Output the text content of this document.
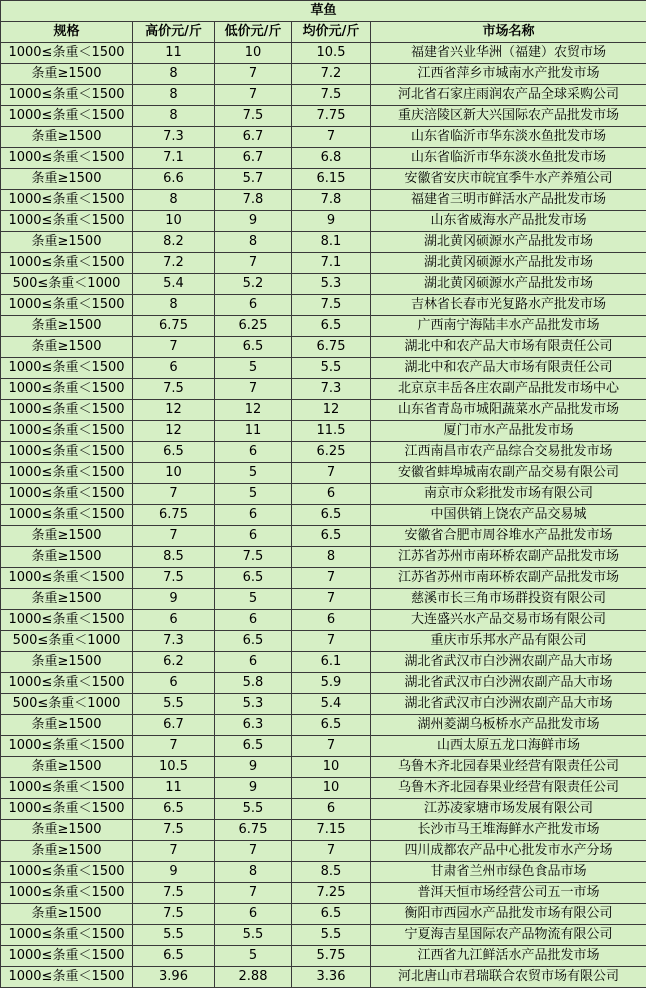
草鱼				
规格	高价元/斤	低价元/斤	均价元/斤	市场名称
1000≤条重＜1500	11	10	10.5	福建省兴业华洲（福建）农贸市场
条重≥1500	8	7	7.2	江西省萍乡市城南水产批发市场
1000≤条重＜1500	8	7	7.5	河北省石家庄雨润农产品全球采购公司
1000≤条重＜1500	8	7.5	7.75	重庆涪陵区新大兴国际农产品批发市场
条重≥1500	7.3	6.7	7	山东省临沂市华东淡水鱼批发市场
1000≤条重＜1500	7.1	6.7	6.8	山东省临沂市华东淡水鱼批发市场
条重≥1500	6.6	5.7	6.15	安徽省安庆市皖宜季牛水产养殖公司
1000≤条重＜1500	8	7.8	7.8	福建省三明市鲜活水产品批发市场
1000≤条重＜1500	10	9	9	山东省威海水产品批发市场
条重≥1500	8.2	8	8.1	湖北黄冈硕源水产品批发市场
1000≤条重＜1500	7.2	7	7.1	湖北黄冈硕源水产品批发市场
500≤条重＜1000	5.4	5.2	5.3	湖北黄冈硕源水产品批发市场
1000≤条重＜1500	8	6	7.5	吉林省长春市光复路水产批发市场
条重≥1500	6.75	6.25	6.5	广西南宁海陆丰水产品批发市场
条重≥1500	7	6.5	6.75	湖北中和农产品大市场有限责任公司
1000≤条重＜1500	6	5	5.5	湖北中和农产品大市场有限责任公司
1000≤条重＜1500	7.5	7	7.3	北京京丰岳各庄农副产品批发市场中心
1000≤条重＜1500	12	12	12	山东省青岛市城阳蔬菜水产品批发市场
1000≤条重＜1500	12	11	11.5	厦门市水产品批发市场
1000≤条重＜1500	6.5	6	6.25	江西南昌市农产品综合交易批发市场
1000≤条重＜1500	10	5	7	安徽省蚌埠城南农副产品交易有限公司
1000≤条重＜1500	7	5	6	南京市众彩批发市场有限公司
1000≤条重＜1500	6.75	6	6.5	中国供销上饶农产品交易城
条重≥1500	7	6	6.5	安徽省合肥市周谷堆水产品批发市场
条重≥1500	8.5	7.5	8	江苏省苏州市南环桥农副产品批发市场
1000≤条重＜1500	7.5	6.5	7	江苏省苏州市南环桥农副产品批发市场
条重≥1500	9	5	7	慈溪市长三角市场群投资有限公司
1000≤条重＜1500	6	6	6	大连盛兴水产品交易市场有限公司
500≤条重＜1000	7.3	6.5	7	重庆市乐邦水产品有限公司
条重≥1500	6.2	6	6.1	湖北省武汉市白沙洲农副产品大市场
1000≤条重＜1500	6	5.8	5.9	湖北省武汉市白沙洲农副产品大市场
500≤条重＜1000	5.5	5.3	5.4	湖北省武汉市白沙洲农副产品大市场
条重≥1500	6.7	6.3	6.5	湖州菱湖乌板桥水产品批发市场
1000≤条重＜1500	7	6.5	7	山西太原五龙口海鲜市场
条重≥1500	10.5	9	10	乌鲁木齐北园春果业经营有限责任公司
1000≤条重＜1500	11	9	10	乌鲁木齐北园春果业经营有限责任公司
1000≤条重＜1500	6.5	5.5	6	江苏凌家塘市场发展有限公司
条重≥1500	7.5	6.75	7.15	长沙市马王堆海鲜水产批发市场
条重≥1500	7	7	7	四川成都农产品中心批发市水产分场
1000≤条重＜1500	9	8	8.5	甘肃省兰州市绿色食品市场
1000≤条重＜1500	7.5	7	7.25	普洱天恒市场经营公司五一市场
条重≥1500	7.5	6	6.5	衡阳市西园水产品批发市场有限公司
1000≤条重＜1500	5.5	5.5	5.5	宁夏海吉星国际农产品物流有限公司
1000≤条重＜1500	6.5	5	5.75	江西省九江鲜活水产品批发市场
1000≤条重＜1500	3.96	2.88	3.36	河北唐山市君瑞联合农贸市场有限公司
